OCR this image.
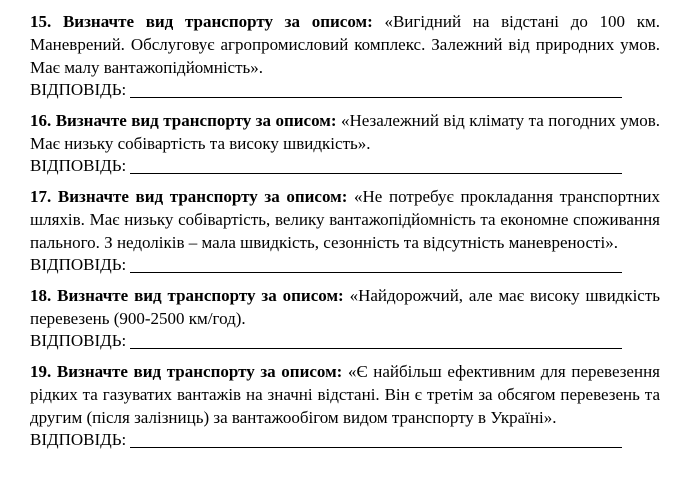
15. Визначте вид транспорту за описом: «Вигідний на відстані до 100 км. Маневрений. Обслуговує агропромисловий комплекс. Залежний від природних умов. Має малу вантажопідйомність».

ВІДПОВІДЬ:

16. Визначте вид транспорту за описом: «Незалежний від клімату та погодних умов. Має низьку собівартість та високу швидкість».

ВІДПОВІДЬ:

17. Визначте вид транспорту за описом: «Не потребує прокладання транспортних шляхів. Має низьку собівартість, велику вантажопідйомність та економне споживання пального. З недоліків – мала швидкість, сезонність та відсутність маневреності».

ВІДПОВІДЬ:

18. Визначте вид транспорту за описом: «Найдорожчий, але має високу швидкість перевезень (900-2500 км/год).

ВІДПОВІДЬ:

19. Визначте вид транспорту за описом: «Є найбільш ефективним для перевезення рідких та газуватих вантажів на значні відстані. Він є третім за обсягом перевезень та другим (після залізниць) за вантажообігом видом транспорту в Україні».

ВІДПОВІДЬ:
